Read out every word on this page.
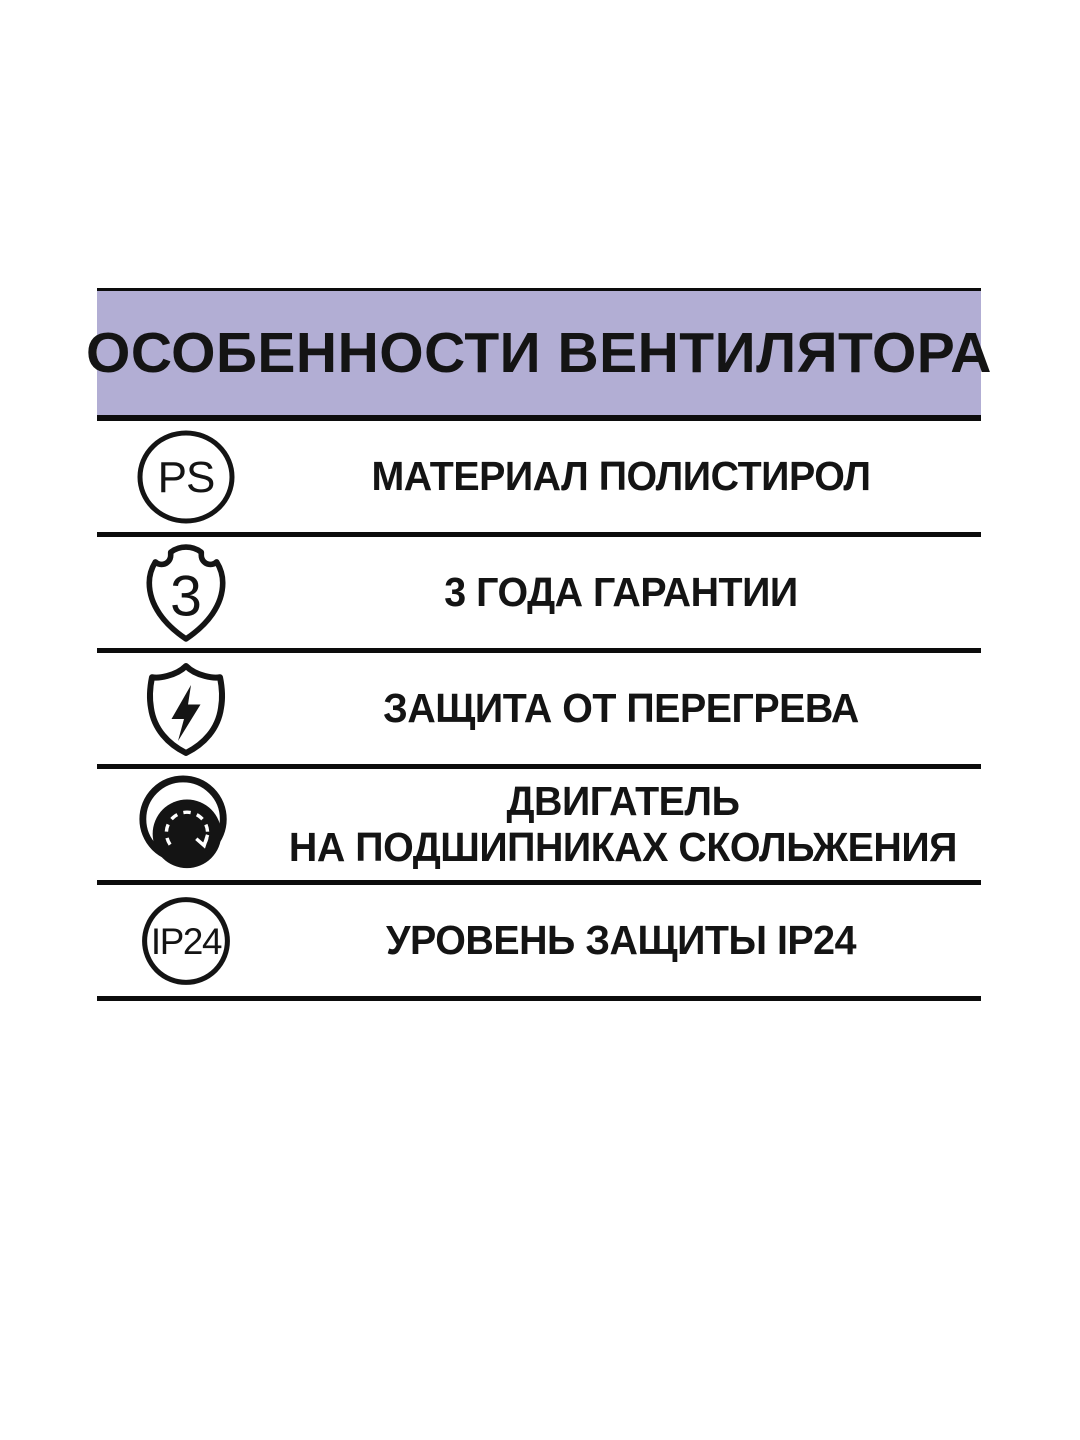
ОСОБЕННОСТИ ВЕНТИЛЯТОРА
PS	МАТЕРИАЛ ПОЛИСТИРОЛ
3	3 ГОДА ГАРАНТИИ
ЗАЩИТА ОТ ПЕРЕГРЕВА
ДВИГАТЕЛЬ
НА ПОДШИПНИКАХ СКОЛЬЖЕНИЯ
IP24	УРОВЕНЬ ЗАЩИТЫ IP24
